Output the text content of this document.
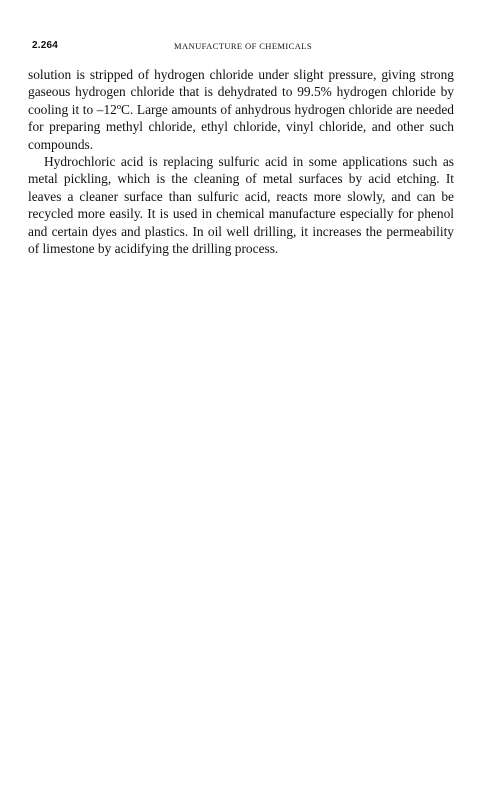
2.264	MANUFACTURE OF CHEMICALS

solution is stripped of hydrogen chloride under slight pressure, giving strong gaseous hydrogen chloride that is dehydrated to 99.5% hydrogen chloride by cooling it to –12ºC. Large amounts of anhydrous hydrogen chloride are needed for preparing methyl chloride, ethyl chloride, vinyl chloride, and other such compounds.

Hydrochloric acid is replacing sulfuric acid in some applications such as metal pickling, which is the cleaning of metal surfaces by acid etching. It leaves a cleaner surface than sulfuric acid, reacts more slowly, and can be recycled more easily. It is used in chemical manufacture especially for phenol and certain dyes and plastics. In oil well drilling, it increases the permeability of limestone by acidifying the drilling process.
